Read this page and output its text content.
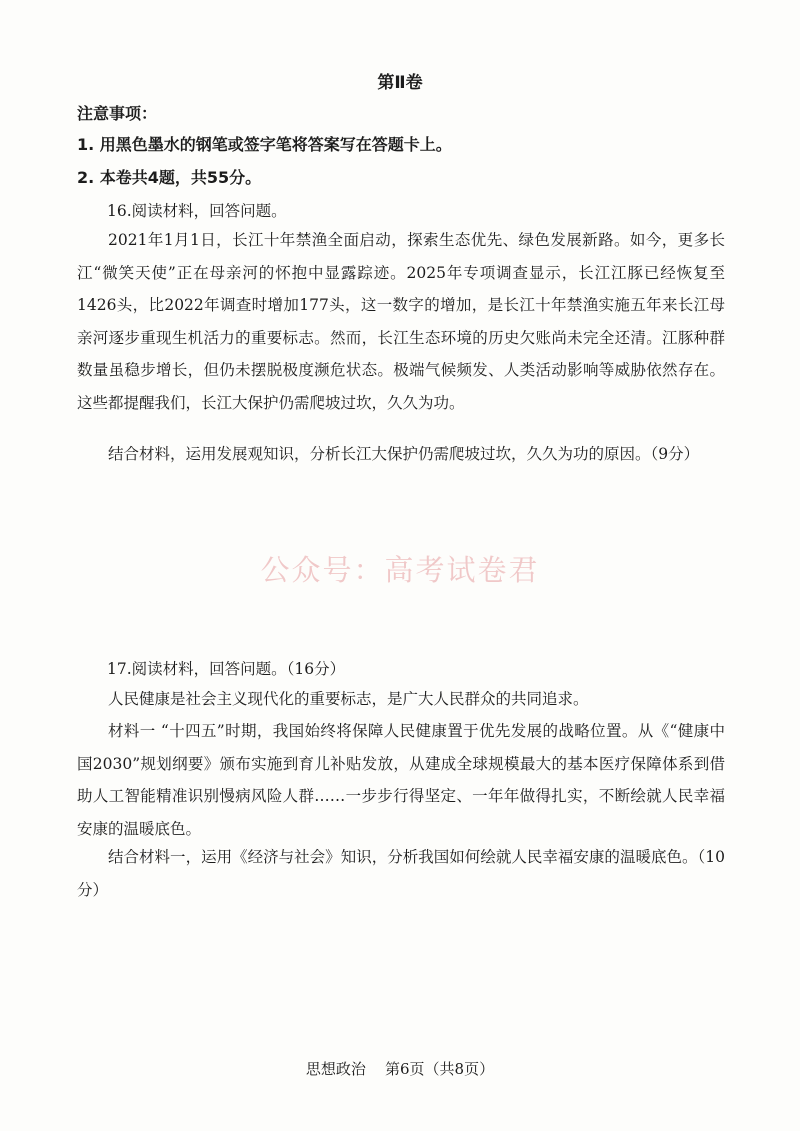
第Ⅱ卷
注意事项：
1. 用黑色墨水的钢笔或签字笔将答案写在答题卡上。
2. 本卷共4题，共55分。
16.阅读材料，回答问题。

2021年1月1日，长江十年禁渔全面启动，探索生态优先、绿色发展新路。如今，更多长江“微笑天使”正在母亲河的怀抱中显露踪迹。2025年专项调查显示，长江江豚已经恢复至1426头，比2022年调查时增加177头，这一数字的增加，是长江十年禁渔实施五年来长江母亲河逐步重现生机活力的重要标志。然而，长江生态环境的历史欠账尚未完全还清。江豚种群数量虽稳步增长，但仍未摆脱极度濒危状态。极端气候频发、人类活动影响等威胁依然存在。这些都提醒我们，长江大保护仍需爬坡过坎，久久为功。

结合材料，运用发展观知识，分析长江大保护仍需爬坡过坎，久久为功的原因。（9分）

公众号：高考试卷君
17.阅读材料，回答问题。（16分）

人民健康是社会主义现代化的重要标志，是广大人民群众的共同追求。

材料一 “十四五”时期，我国始终将保障人民健康置于优先发展的战略位置。从《“健康中国2030”规划纲要》颁布实施到育儿补贴发放，从建成全球规模最大的基本医疗保障体系到借助人工智能精准识别慢病风险人群……一步步行得坚定、一年年做得扎实，不断绘就人民幸福安康的温暖底色。

结合材料一，运用《经济与社会》知识，分析我国如何绘就人民幸福安康的温暖底色。（10分）

思想政治    第6页（共8页）
